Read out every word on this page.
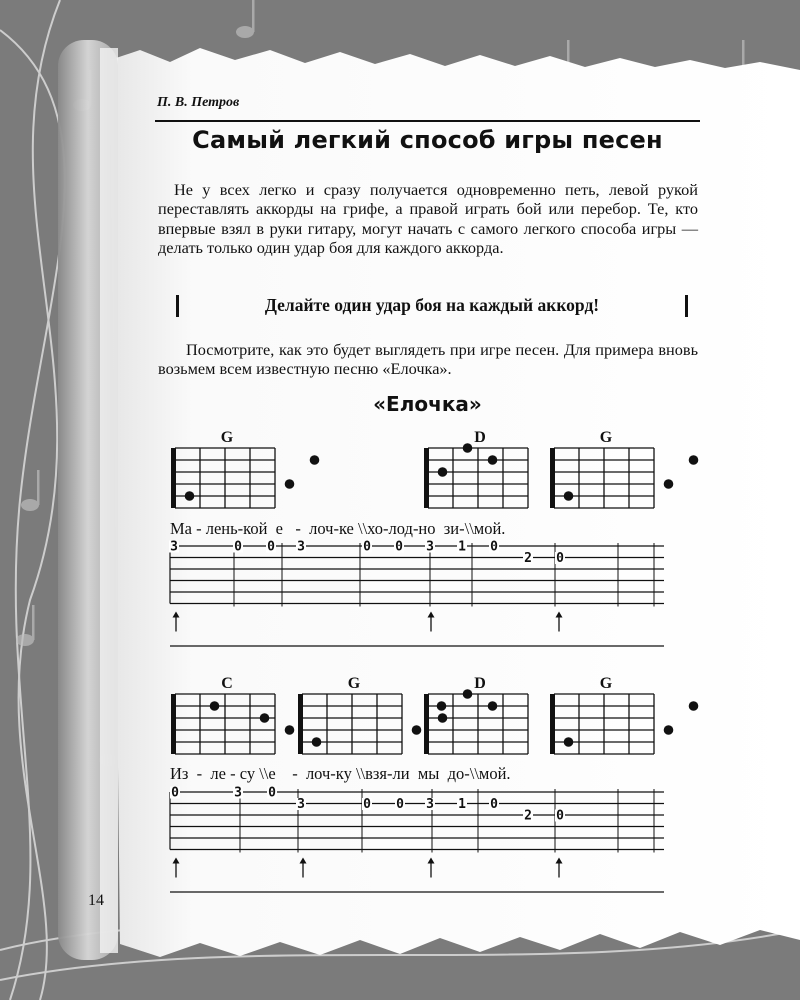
П. В. Петров
Самый легкий способ игры песен

Не у всех легко и сразу получается одновременно петь, левой рукой переставлять аккорды на грифе, а правой играть бой или перебор. Те, кто впервые взял в руки гитару, могут начать с самого легкого способа игры — делать только один удар боя для каждого аккорда.

Делайте один удар боя на каждый аккорд!

Посмотрите, как это будет выглядеть при игре песен. Для примера вновь возьмем всем известную песню «Елочка».

«Елочка»
Ма - лень-кой  е   -  лоч-ке \\хо-лод-но  зи-\\мой.
Из  -  ле - су \\е    -  лоч-ку \\взя-ли  мы  до-\\мой.
G	D	G
3	0 0 3	0 0 3 1 0
2 0
C	G	D	G
0	3 0
3	0 0 3 1 0
2 0
14
